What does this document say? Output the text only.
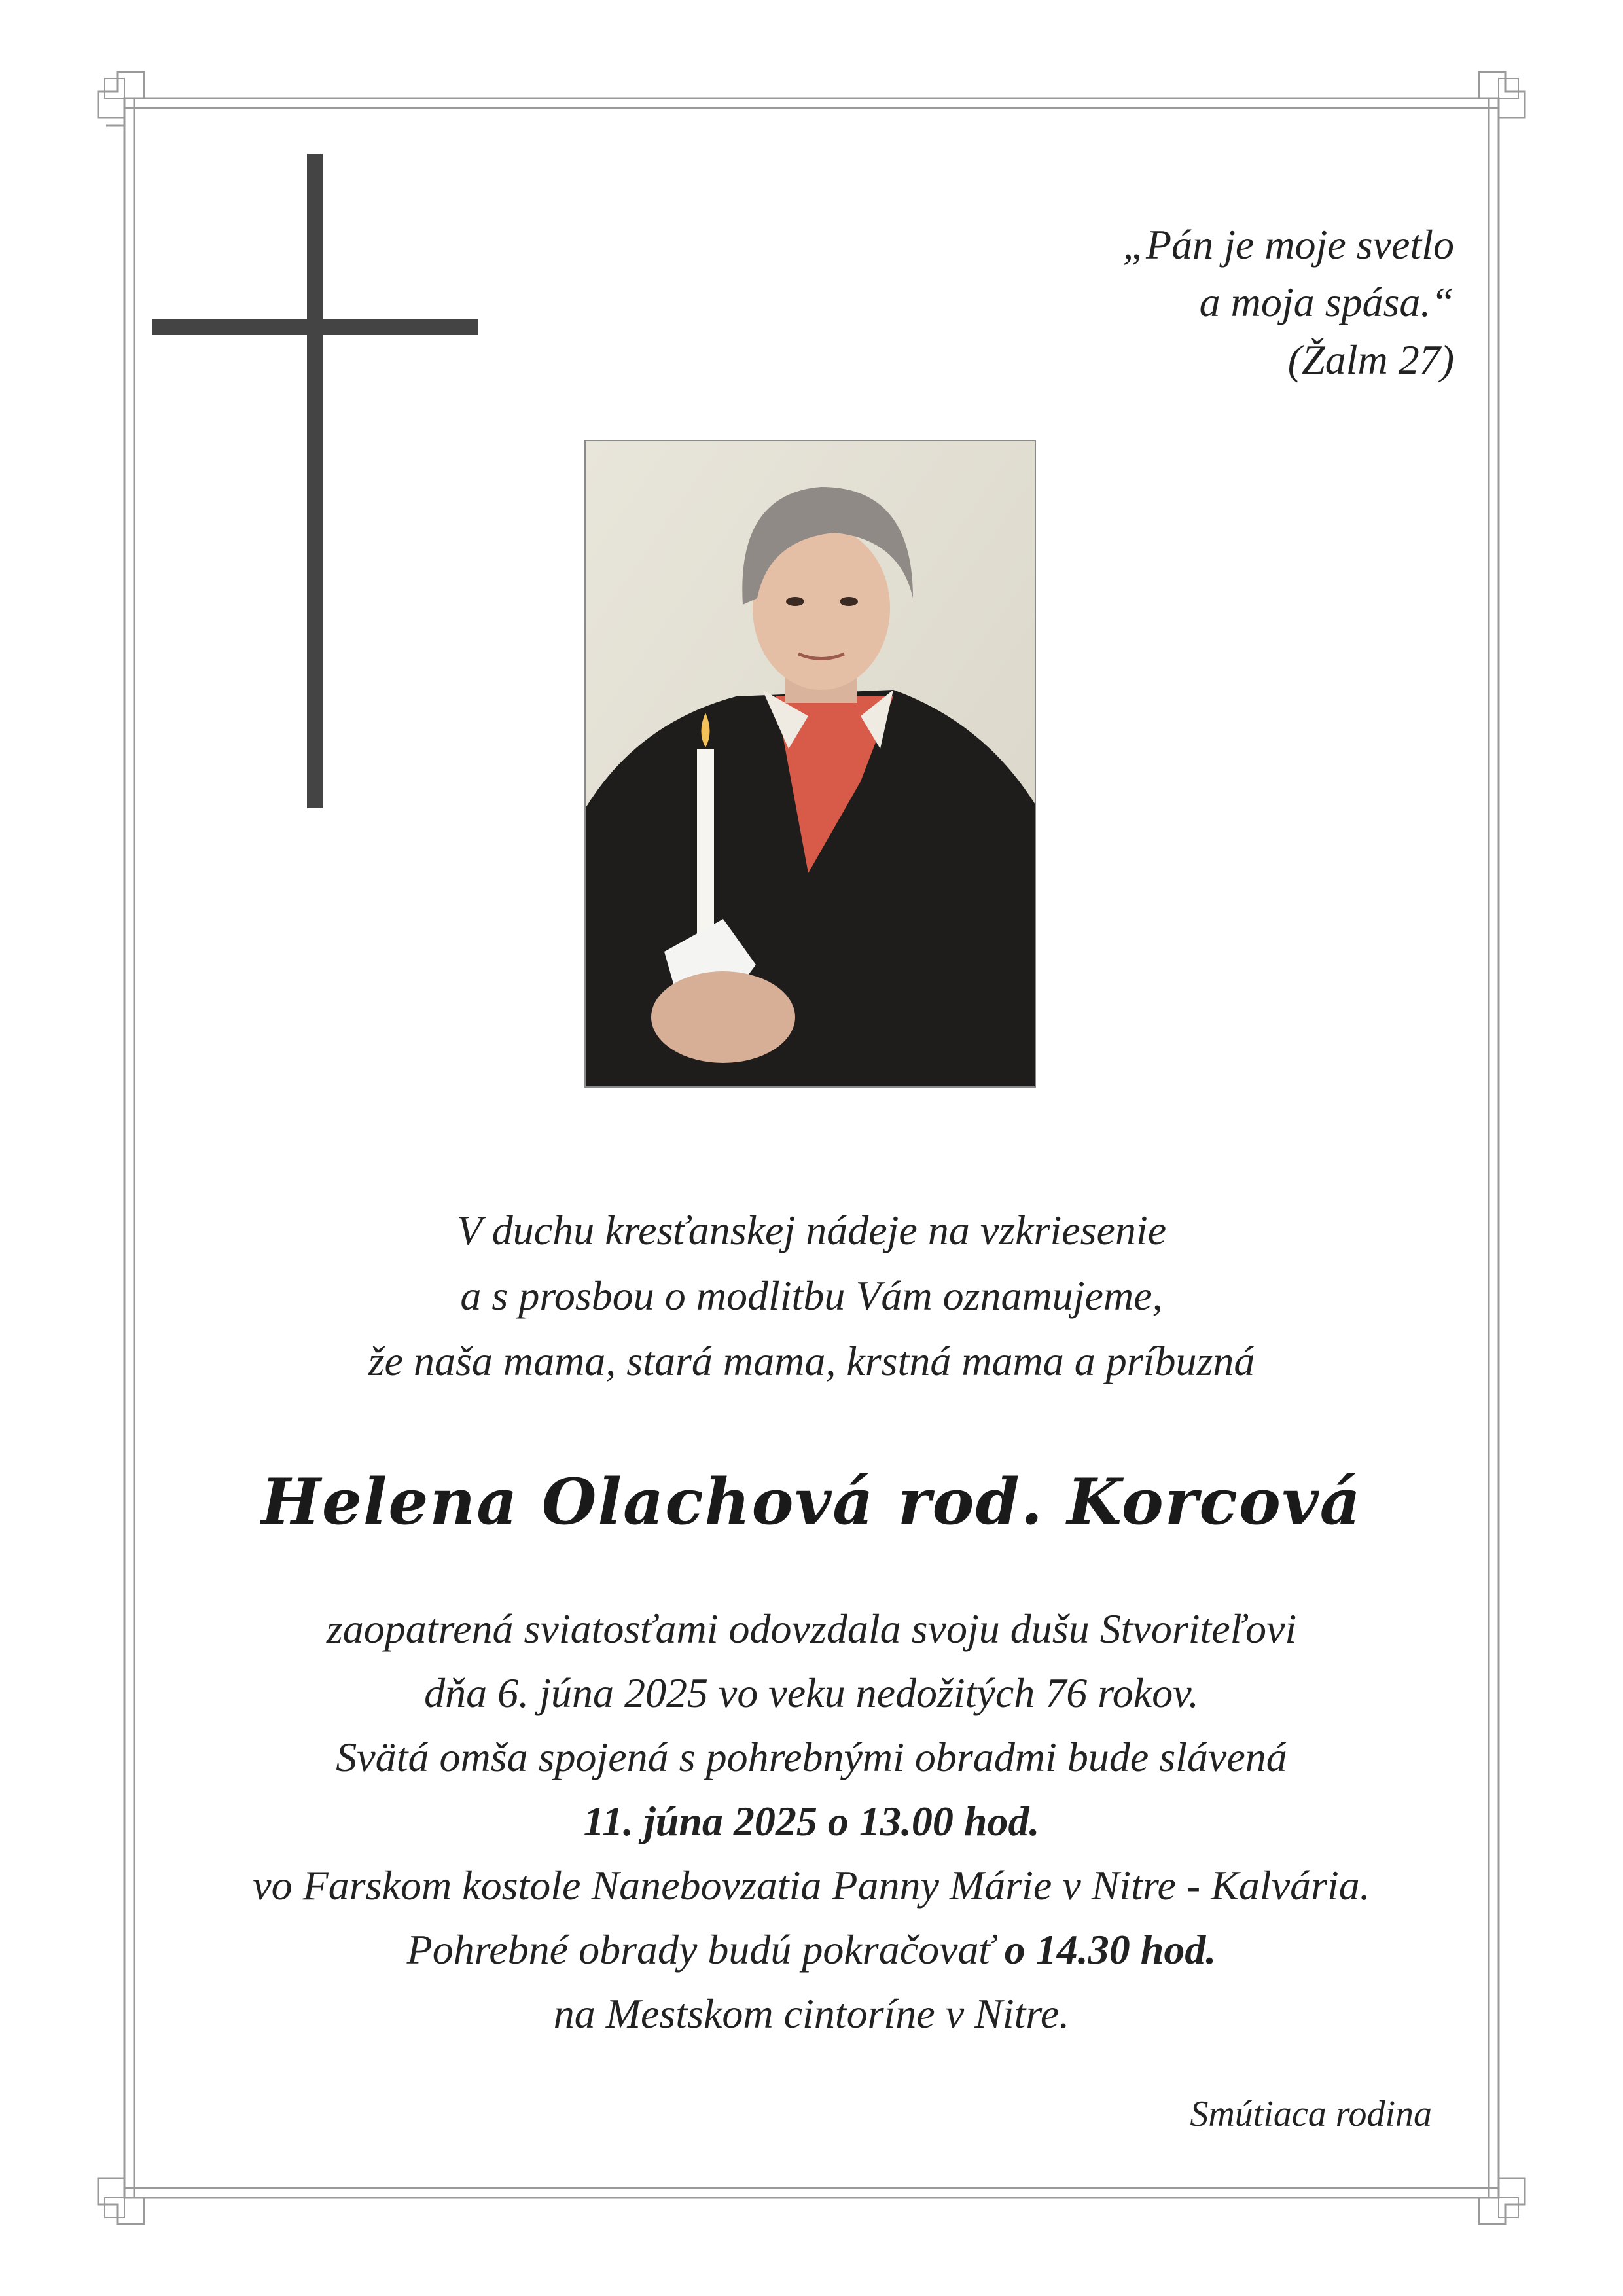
„Pán je moje svetlo
a moja spása.“
(Žalm 27)
V duchu kresťanskej nádeje na vzkriesenie
a s prosbou o modlitbu Vám oznamujeme,
že naša mama, stará mama, krstná mama a príbuzná
Helena Olachová rod. Korcová
zaopatrená sviatosťami odovzdala svoju dušu Stvoriteľovi
dňa 6. júna 2025 vo veku nedožitých 76 rokov.
Svätá omša spojená s pohrebnými obradmi bude slávená
11. júna 2025 o 13.00 hod.
vo Farskom kostole Nanebovzatia Panny Márie v Nitre - Kalvária.
Pohrebné obrady budú pokračovať o 14.30 hod.
na Mestskom cintoríne v Nitre.
Smútiaca rodina
